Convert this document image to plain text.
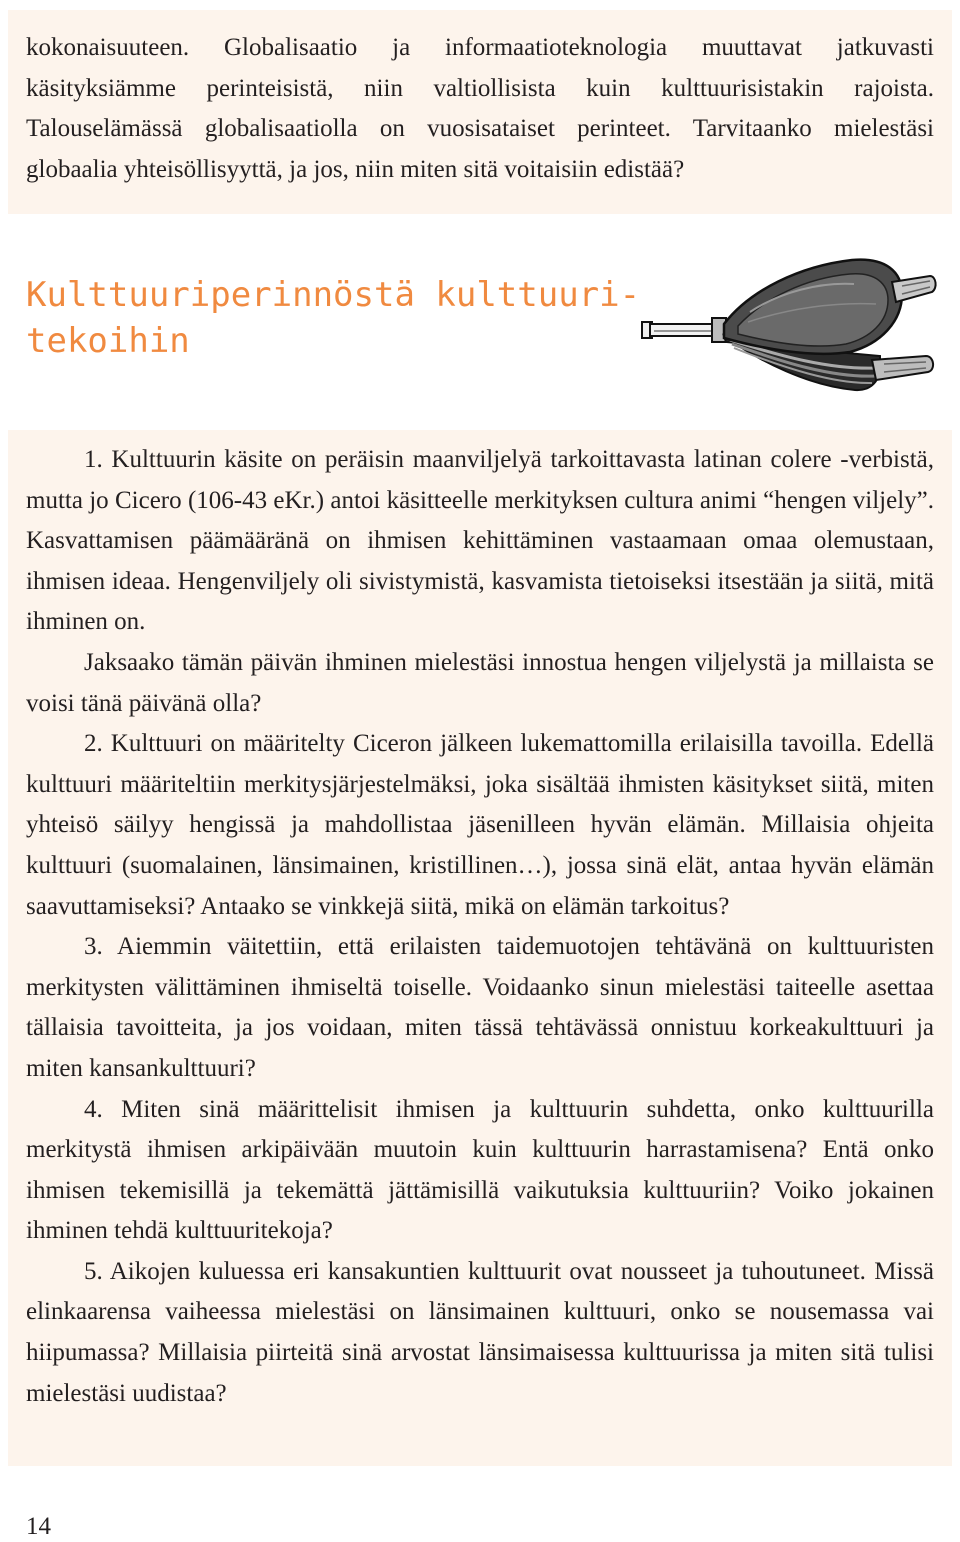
kokonaisuuteen. Globalisaatio ja informaatioteknologia muuttavat jatkuvasti käsityksiämme perinteisistä, niin valtiollisista kuin kulttuurisistakin rajoista. Talouselämässä globalisaatiolla on vuosisataiset perinteet. Tarvitaanko mielestäsi globaalia yhteisöllisyyttä, ja jos, niin miten sitä voitaisiin edistää?

Kulttuuriperinnöstä kulttuuri-
tekoihin

1. Kulttuurin käsite on peräisin maanviljelyä tarkoittavasta latinan colere -verbistä, mutta jo Cicero (106-43 eKr.) antoi käsitteelle merkityksen cultura animi “hengen viljely”. Kasvattamisen päämääränä on ihmisen kehittäminen vastaamaan omaa olemustaan, ihmisen ideaa. Hengenviljely oli sivistymistä, kasvamista tietoiseksi itsestään ja siitä, mitä ihminen on.

Jaksaako tämän päivän ihminen mielestäsi innostua hengen viljelystä ja millaista se voisi tänä päivänä olla?

2. Kulttuuri on määritelty Ciceron jälkeen lukemattomilla erilaisilla tavoilla. Edellä kulttuuri määriteltiin merkitysjärjestelmäksi, joka sisältää ihmisten käsitykset siitä, miten yhteisö säilyy hengissä ja mahdollistaa jäsenilleen hyvän elämän. Millaisia ohjeita kulttuuri (suomalainen, länsimainen, kristillinen…), jossa sinä elät, antaa hyvän elämän saavuttamiseksi? Antaako se vinkkejä siitä, mikä on elämän tarkoitus?

3. Aiemmin väitettiin, että erilaisten taidemuotojen tehtävänä on kulttuuristen merkitysten välittäminen ihmiseltä toiselle. Voidaanko sinun mielestäsi taiteelle asettaa tällaisia tavoitteita, ja jos voidaan, miten tässä tehtävässä onnistuu korkeakulttuuri ja miten kansankulttuuri?

4. Miten sinä määrittelisit ihmisen ja kulttuurin suhdetta, onko kulttuurilla merkitystä ihmisen arkipäivään muutoin kuin kulttuurin harrastamisena? Entä onko ihmisen tekemisillä ja tekemättä jättämisillä vaikutuksia kulttuuriin? Voiko jokainen ihminen tehdä kulttuuritekoja?

5. Aikojen kuluessa eri kansakuntien kulttuurit ovat nousseet ja tuhoutuneet. Missä elinkaarensa vaiheessa mielestäsi on länsimainen kulttuuri, onko se nousemassa vai hiipumassa? Millaisia piirteitä sinä arvostat länsimaisessa kulttuurissa ja miten sitä tulisi mielestäsi uudistaa?

14
